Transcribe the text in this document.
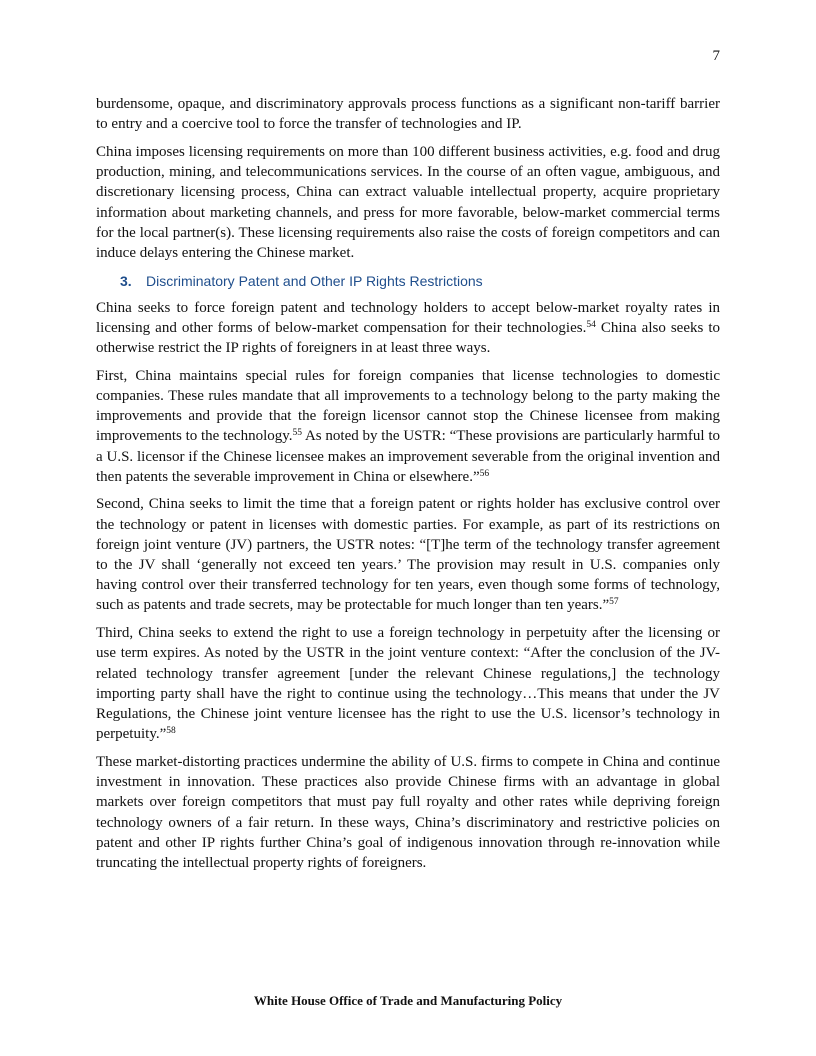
7

burdensome, opaque, and discriminatory approvals process functions as a significant non-tariff barrier to entry and a coercive tool to force the transfer of technologies and IP.

China imposes licensing requirements on more than 100 different business activities, e.g. food and drug production, mining, and telecommunications services. In the course of an often vague, ambiguous, and discretionary licensing process, China can extract valuable intellectual property, acquire proprietary information about marketing channels, and press for more favorable, below-market commercial terms for the local partner(s). These licensing requirements also raise the costs of foreign competitors and can induce delays entering the Chinese market.

3. Discriminatory Patent and Other IP Rights Restrictions

China seeks to force foreign patent and technology holders to accept below-market royalty rates in licensing and other forms of below-market compensation for their technologies.$^{54}$ China also seeks to otherwise restrict the IP rights of foreigners in at least three ways.

First, China maintains special rules for foreign companies that license technologies to domestic companies. These rules mandate that all improvements to a technology belong to the party making the improvements and provide that the foreign licensor cannot stop the Chinese licensee from making improvements to the technology.$^{55}$ As noted by the USTR: “These provisions are particularly harmful to a U.S. licensor if the Chinese licensee makes an improvement severable from the original invention and then patents the severable improvement in China or elsewhere.”$^{56}$

Second, China seeks to limit the time that a foreign patent or rights holder has exclusive control over the technology or patent in licenses with domestic parties. For example, as part of its restrictions on foreign joint venture (JV) partners, the USTR notes: “[T]he term of the technology transfer agreement to the JV shall ‘generally not exceed ten years.’ The provision may result in U.S. companies only having control over their transferred technology for ten years, even though some forms of technology, such as patents and trade secrets, may be protectable for much longer than ten years.”$^{57}$

Third, China seeks to extend the right to use a foreign technology in perpetuity after the licensing or use term expires. As noted by the USTR in the joint venture context: “After the conclusion of the JV-related technology transfer agreement [under the relevant Chinese regulations,] the technology importing party shall have the right to continue using the technology…This means that under the JV Regulations, the Chinese joint venture licensee has the right to use the U.S. licensor’s technology in perpetuity.”$^{58}$

These market-distorting practices undermine the ability of U.S. firms to compete in China and continue investment in innovation. These practices also provide Chinese firms with an advantage in global markets over foreign competitors that must pay full royalty and other rates while depriving foreign technology owners of a fair return. In these ways, China’s discriminatory and restrictive policies on patent and other IP rights further China’s goal of indigenous innovation through re-innovation while truncating the intellectual property rights of foreigners.

White House Office of Trade and Manufacturing Policy
